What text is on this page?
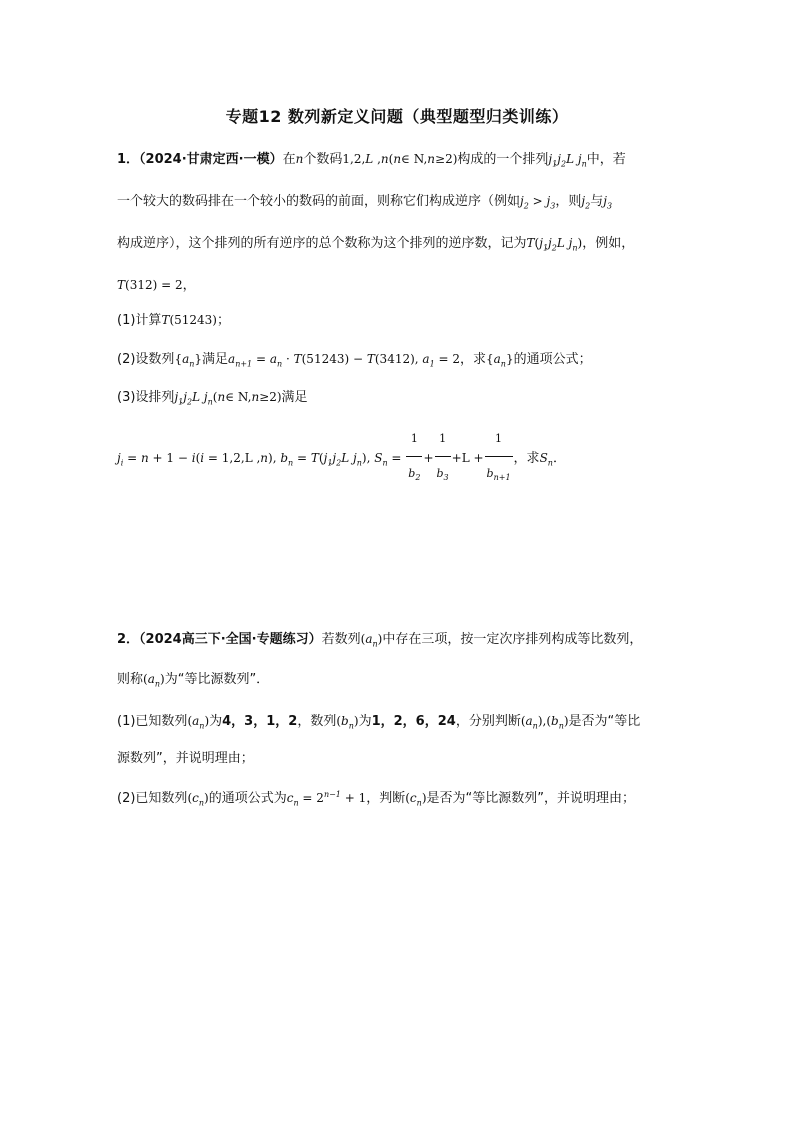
专题12 数列新定义问题（典型题型归类训练）
1．（2024·甘肃定西·一模）在n个数码1,2,L ,n(n∈ N,n≥2)构成的一个排列$j_1j_2L$ $j_n$中，若
一个较大的数码排在一个较小的数码的前面，则称它们构成逆序（例如$j_2 > j_3$，则$j_2$与$j_3$
构成逆序），这个排列的所有逆序的总个数称为这个排列的逆序数，记为$T(j_1j_2L$ $j_n$)，例如，
T(312) = 2，
(1)计算T(51243)；
(2)设数列$\{a_n\}$满足$a_{n+1} = a_n \cdot T(51243) - T(3412)$, $a_1 = 2$，求$\{a_n\}$的通项公式；
(3)设排列$j_1j_2L$ $j_n(n\in$ N,n≥2)满足
$j_i = n + 1 - i(i = 1,2,L$ ,n), $b_n = T(j_1j_2L$ $j_n$), $S_n = \frac{1}{b_2} + \frac{1}{b_3} +L + \frac{1}{b_{n+1}}$ ，求$S_n$．
2．（2024高三下·全国·专题练习）若数列$(a_n)$中存在三项，按一定次序排列构成等比数列，
则称$(a_n)$为“等比源数列”．
(1)已知数列$(a_n)$为4，3，1，2，数列$(b_n)$为1，2，6，24，分别判断$(a_n),(b_n)$是否为“等比
源数列”，并说明理由；
(2)已知数列$(c_n)$的通项公式为$c_n = 2^{n-1} + 1$，判断$(c_n)$是否为“等比源数列”，并说明理由；
